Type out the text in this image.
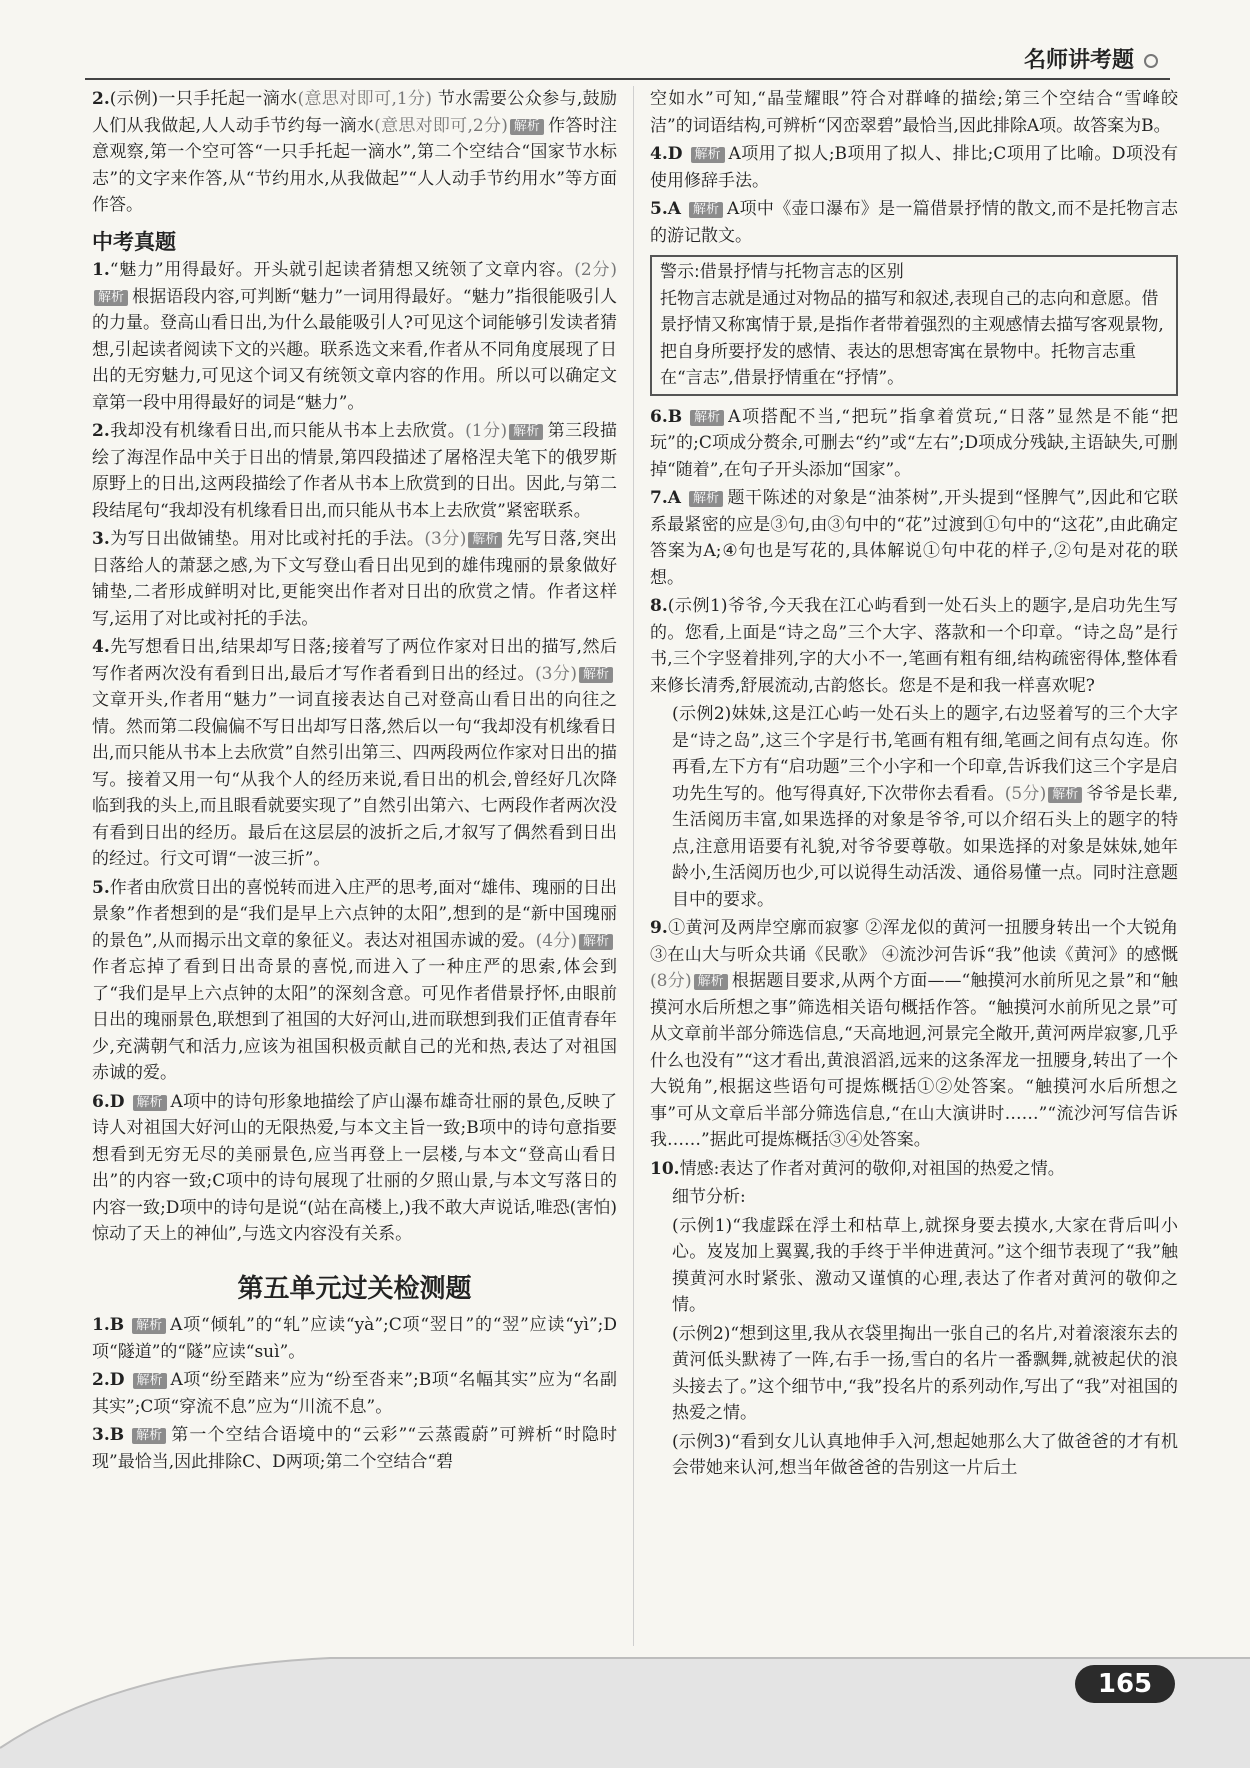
名师讲考题

2.(示例)一只手托起一滴水(意思对即可,1分) 节水需要公众参与,鼓励人们从我做起,人人动手节约每一滴水(意思对即可,2分) 解析 作答时注意观察,第一个空可答“一只手托起一滴水”,第二个空结合“国家节水标志”的文字来作答,从“节约用水,从我做起”“人人动手节约用水”等方面作答。

中考真题

1.“魅力”用得最好。开头就引起读者猜想又统领了文章内容。(2分)解析 根据语段内容,可判断“魅力”一词用得最好。“魅力”指很能吸引人的力量。登高山看日出,为什么最能吸引人?可见这个词能够引发读者猜想,引起读者阅读下文的兴趣。联系选文来看,作者从不同角度展现了日出的无穷魅力,可见这个词又有统领文章内容的作用。所以可以确定文章第一段中用得最好的词是“魅力”。

2.我却没有机缘看日出,而只能从书本上去欣赏。(1分) 解析 第三段描绘了海涅作品中关于日出的情景,第四段描述了屠格涅夫笔下的俄罗斯原野上的日出,这两段描绘了作者从书本上欣赏到的日出。因此,与第二段结尾句“我却没有机缘看日出,而只能从书本上去欣赏”紧密联系。

3.为写日出做铺垫。用对比或衬托的手法。(3分) 解析 先写日落,突出日落给人的萧瑟之感,为下文写登山看日出见到的雄伟瑰丽的景象做好铺垫,二者形成鲜明对比,更能突出作者对日出的欣赏之情。作者这样写,运用了对比或衬托的手法。

4.先写想看日出,结果却写日落;接着写了两位作家对日出的描写,然后写作者两次没有看到日出,最后才写作者看到日出的经过。(3分) 解析文章开头,作者用“魅力”一词直接表达自己对登高山看日出的向往之情。然而第二段偏偏不写日出却写日落,然后以一句“我却没有机缘看日出,而只能从书本上去欣赏”自然引出第三、四两段两位作家对日出的描写。接着又用一句“从我个人的经历来说,看日出的机会,曾经好几次降临到我的头上,而且眼看就要实现了”自然引出第六、七两段作者两次没有看到日出的经历。最后在这层层的波折之后,才叙写了偶然看到日出的经过。行文可谓“一波三折”。

5.作者由欣赏日出的喜悦转而进入庄严的思考,面对“雄伟、瑰丽的日出景象”作者想到的是“我们是早上六点钟的太阳”,想到的是“新中国瑰丽的景色”,从而揭示出文章的象征义。表达对祖国赤诚的爱。(4分) 解析作者忘掉了看到日出奇景的喜悦,而进入了一种庄严的思索,体会到了“我们是早上六点钟的太阳”的深刻含意。可见作者借景抒怀,由眼前日出的瑰丽景色,联想到了祖国的大好河山,进而联想到我们正值青春年少,充满朝气和活力,应该为祖国积极贡献自己的光和热,表达了对祖国赤诚的爱。

6.D 解析 A项中的诗句形象地描绘了庐山瀑布雄奇壮丽的景色,反映了诗人对祖国大好河山的无限热爱,与本文主旨一致;B项中的诗句意指要想看到无穷无尽的美丽景色,应当再登上一层楼,与本文“登高山看日出”的内容一致;C项中的诗句展现了壮丽的夕照山景,与本文写落日的内容一致;D项中的诗句是说“(站在高楼上,)我不敢大声说话,唯恐(害怕)惊动了天上的神仙”,与选文内容没有关系。

第五单元过关检测题

1.B 解析 A项“倾轧”的“轧”应读“yà”;C项“翌日”的“翌”应读“yì”;D项“隧道”的“隧”应读“suì”。

2.D 解析 A项“纷至踏来”应为“纷至沓来”;B项“名幅其实”应为“名副其实”;C项“穿流不息”应为“川流不息”。

3.B 解析 第一个空结合语境中的“云彩”“云蒸霞蔚”可辨析“时隐时现”最恰当,因此排除C、D两项;第二个空结合“碧

空如水”可知,“晶莹耀眼”符合对群峰的描绘;第三个空结合“雪峰皎洁”的词语结构,可辨析“冈峦翠碧”最恰当,因此排除A项。故答案为B。

4.D 解析 A项用了拟人;B项用了拟人、排比;C项用了比喻。D项没有使用修辞手法。

5.A 解析 A项中《壶口瀑布》是一篇借景抒情的散文,而不是托物言志的游记散文。

警示:借景抒情与托物言志的区别
托物言志就是通过对物品的描写和叙述,表现自己的志向和意愿。借景抒情又称寓情于景,是指作者带着强烈的主观感情去描写客观景物,把自身所要抒发的感情、表达的思想寄寓在景物中。托物言志重在“言志”,借景抒情重在“抒情”。

6.B 解析 A项搭配不当,“把玩”指拿着赏玩,“日落”显然是不能“把玩”的;C项成分赘余,可删去“约”或“左右”;D项成分残缺,主语缺失,可删掉“随着”,在句子开头添加“国家”。

7.A 解析 题干陈述的对象是“油茶树”,开头提到“怪脾气”,因此和它联系最紧密的应是③句,由③句中的“花”过渡到①句中的“这花”,由此确定答案为A;④句也是写花的,具体解说①句中花的样子,②句是对花的联想。

8.(示例1)爷爷,今天我在江心屿看到一处石头上的题字,是启功先生写的。您看,上面是“诗之岛”三个大字、落款和一个印章。“诗之岛”是行书,三个字竖着排列,字的大小不一,笔画有粗有细,结构疏密得体,整体看来修长清秀,舒展流动,古韵悠长。您是不是和我一样喜欢呢?

(示例2)妹妹,这是江心屿一处石头上的题字,右边竖着写的三个大字是“诗之岛”,这三个字是行书,笔画有粗有细,笔画之间有点勾连。你再看,左下方有“启功题”三个小字和一个印章,告诉我们这三个字是启功先生写的。他写得真好,下次带你去看看。(5分) 解析 爷爷是长辈,生活阅历丰富,如果选择的对象是爷爷,可以介绍石头上的题字的特点,注意用语要有礼貌,对爷爷要尊敬。如果选择的对象是妹妹,她年龄小,生活阅历也少,可以说得生动活泼、通俗易懂一点。同时注意题目中的要求。

9.①黄河及两岸空廓而寂寥 ②浑龙似的黄河一扭腰身转出一个大锐角 ③在山大与听众共诵《民歌》 ④流沙河告诉“我”他读《黄河》的感慨(8分) 解析 根据题目要求,从两个方面——“触摸河水前所见之景”和“触摸河水后所想之事”筛选相关语句概括作答。“触摸河水前所见之景”可从文章前半部分筛选信息,“天高地迥,河景完全敞开,黄河两岸寂寥,几乎什么也没有”“这才看出,黄浪滔滔,远来的这条浑龙一扭腰身,转出了一个大锐角”,根据这些语句可提炼概括①②处答案。“触摸河水后所想之事”可从文章后半部分筛选信息,“在山大演讲时……”“流沙河写信告诉我……”据此可提炼概括③④处答案。

10.情感:表达了作者对黄河的敬仰,对祖国的热爱之情。

细节分析:

(示例1)“我虚踩在浮土和枯草上,就探身要去摸水,大家在背后叫小心。岌岌加上翼翼,我的手终于半伸进黄河。”这个细节表现了“我”触摸黄河水时紧张、激动又谨慎的心理,表达了作者对黄河的敬仰之情。

(示例2)“想到这里,我从衣袋里掏出一张自己的名片,对着滚滚东去的黄河低头默祷了一阵,右手一扬,雪白的名片一番飘舞,就被起伏的浪头接去了。”这个细节中,“我”投名片的系列动作,写出了“我”对祖国的热爱之情。

(示例3)“看到女儿认真地伸手入河,想起她那么大了做爸爸的才有机会带她来认河,想当年做爸爸的告别这一片后土

165
